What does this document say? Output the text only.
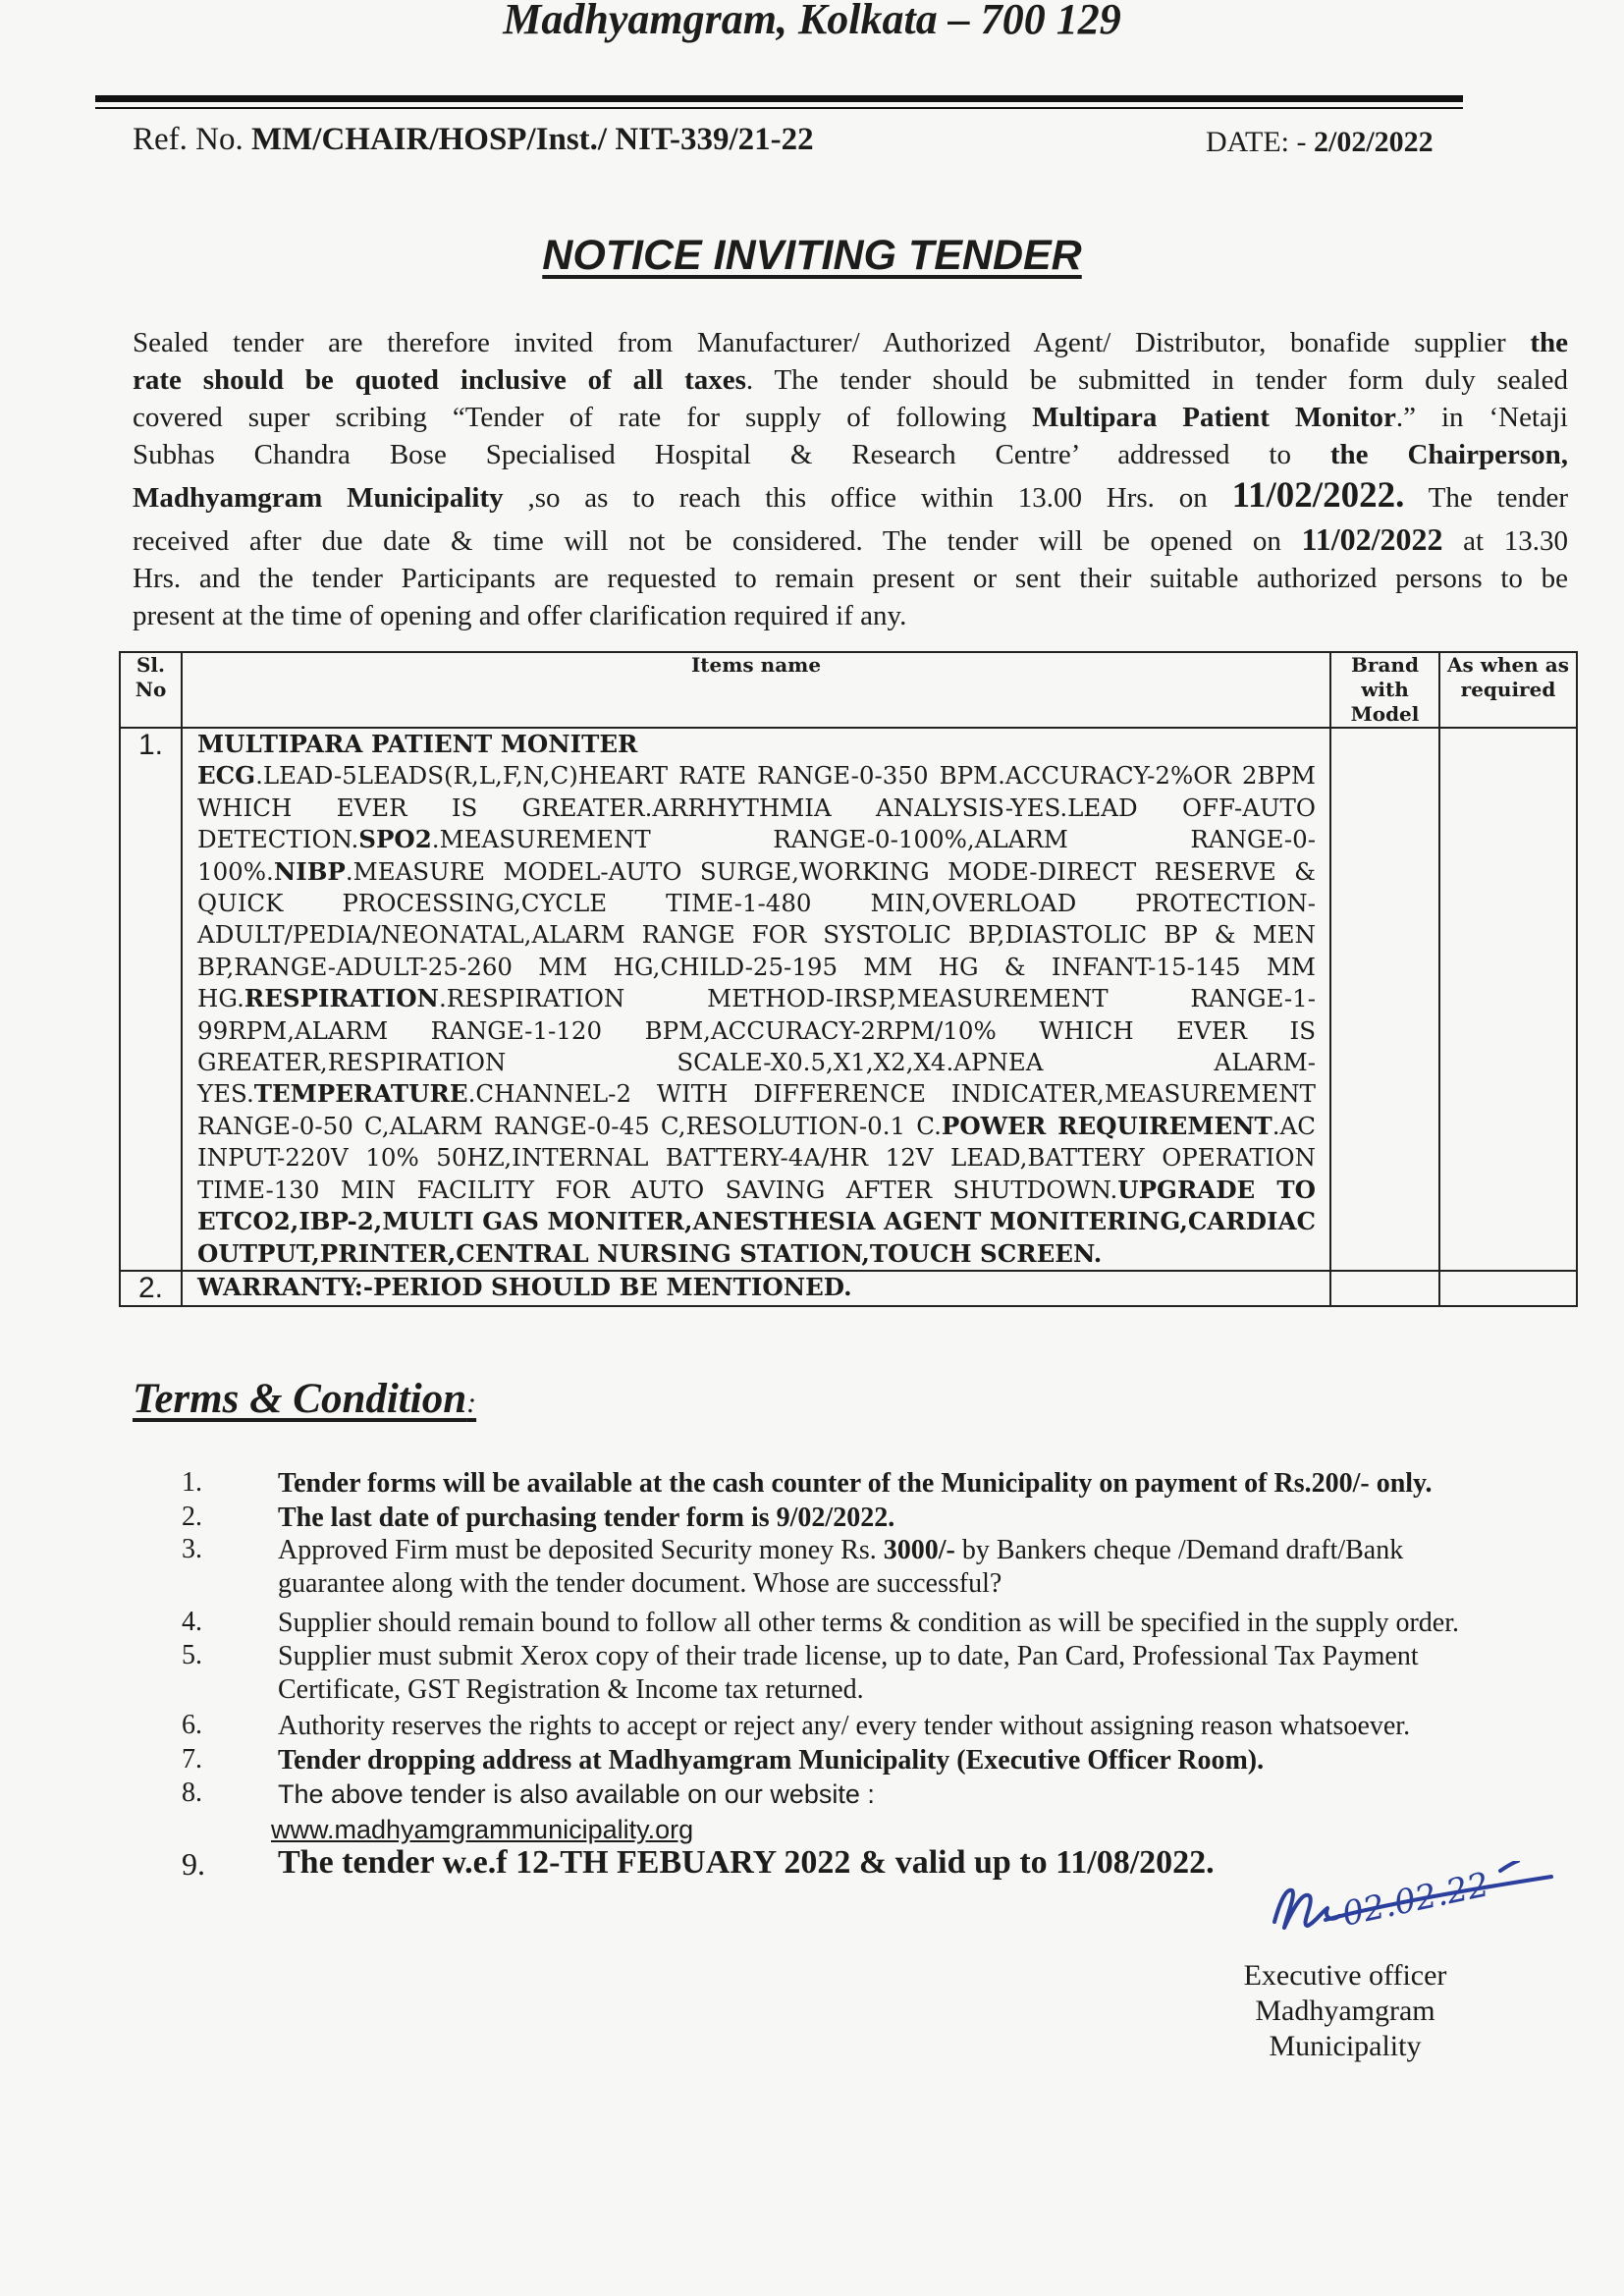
Madhyamgram, Kolkata – 700 129
Ref. No. MM/CHAIR/HOSP/Inst./ NIT-339/21-22	DATE: - 2/02/2022
NOTICE INVITING TENDER
Sealed tender are therefore invited from Manufacturer/ Authorized Agent/ Distributor, bonafide supplier the
rate should be quoted inclusive of all taxes. The tender should be submitted in tender form duly sealed
covered super scribing “Tender of rate for supply of following Multipara Patient Monitor.” in ‘Netaji
Subhas Chandra Bose Specialised Hospital & Research Centre’ addressed to the Chairperson,
Madhyamgram Municipality ,so as to reach this office within 13.00 Hrs. on 11/02/2022. The tender
received after due date & time will not be considered. The tender will be opened on 11/02/2022 at 13.30
Hrs. and the tender Participants are requested to remain present or sent their suitable authorized persons to be
present at the time of opening and offer clarification required if any.
Sl. No	Items name	Brand with Model	As when as required
1.	MULTIPARA PATIENT MONITER
ECG.LEAD-5LEADS(R,L,F,N,C)HEART RATE RANGE-0-350 BPM.ACCURACY-2%OR 2BPM WHICH EVER IS GREATER.ARRHYTHMIA ANALYSIS-YES.LEAD OFF-AUTO DETECTION.SPO2.MEASUREMENT RANGE-0-100%,ALARM RANGE-0-100%.NIBP.MEASURE MODEL-AUTO SURGE,WORKING MODE-DIRECT RESERVE & QUICK PROCESSING,CYCLE TIME-1-480 MIN,OVERLOAD PROTECTION-ADULT/PEDIA/NEONATAL,ALARM RANGE FOR SYSTOLIC BP,DIASTOLIC BP & MEN BP,RANGE-ADULT-25-260 MM HG,CHILD-25-195 MM HG & INFANT-15-145 MM HG.RESPIRATION.RESPIRATION METHOD-IRSP,MEASUREMENT RANGE-1-99RPM,ALARM RANGE-1-120 BPM,ACCURACY-2RPM/10% WHICH EVER IS GREATER,RESPIRATION SCALE-X0.5,X1,X2,X4.APNEA ALARM-YES.TEMPERATURE.CHANNEL-2 WITH DIFFERENCE INDICATER,MEASUREMENT RANGE-0-50 C,ALARM RANGE-0-45 C,RESOLUTION-0.1 C.POWER REQUIREMENT.AC INPUT-220V 10% 50HZ,INTERNAL BATTERY-4A/HR 12V LEAD,BATTERY OPERATION TIME-130 MIN FACILITY FOR AUTO SAVING AFTER SHUTDOWN.UPGRADE TO ETCO2,IBP-2,MULTI GAS MONITER,ANESTHESIA AGENT MONITERING,CARDIAC OUTPUT,PRINTER,CENTRAL NURSING STATION,TOUCH SCREEN.		

2.	WARRANTY:-PERIOD SHOULD BE MENTIONED.		

Terms & Condition:
1.	Tender forms will be available at the cash counter of the Municipality on payment of Rs.200/- only.
2.	The last date of purchasing tender form is 9/02/2022.
3.	Approved Firm must be deposited Security money Rs. 3000/- by Bankers cheque /Demand draft/Bank
guarantee along with the tender document. Whose are successful?
4.	Supplier should remain bound to follow all other terms & condition as will be specified in the supply order.
5.	Supplier must submit Xerox copy of their trade license, up to date, Pan Card, Professional Tax Payment
Certificate, GST Registration & Income tax returned.
6.	Authority reserves the rights to accept or reject any/ every tender without assigning reason whatsoever.
7.	Tender dropping address at Madhyamgram Municipality (Executive Officer Room).
8.	The above tender is also available on our website :
www.madhyamgrammunicipality.org
9.	The tender w.e.f 12-TH FEBUARY 2022 & valid up to 11/08/2022.
02.02.22
Executive officer
Madhyamgram Municipality
